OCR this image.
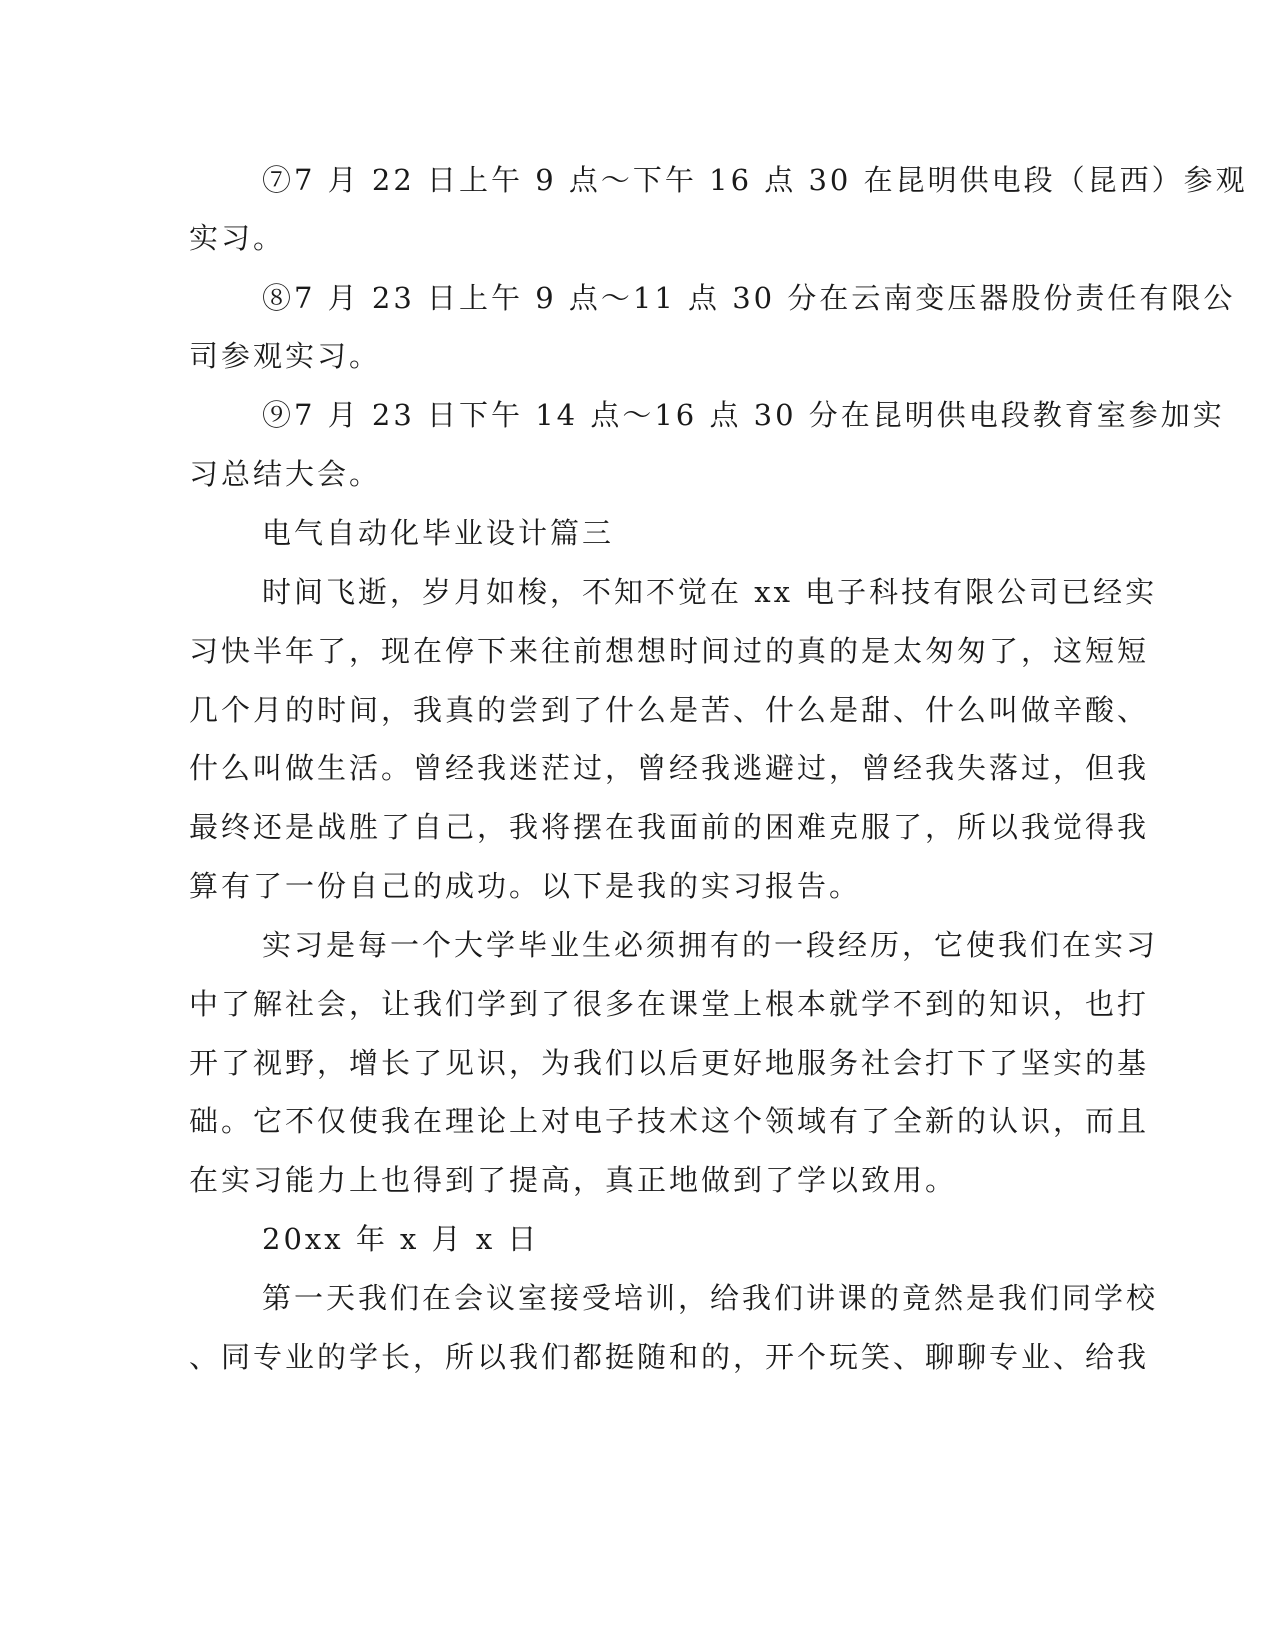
⑦7 月 22 日上午 9 点～下午 16 点 30 在昆明供电段（昆西）参观
实习。
⑧7 月 23 日上午 9 点～11 点 30 分在云南变压器股份责任有限公
司参观实习。
⑨7 月 23 日下午 14 点～16 点 30 分在昆明供电段教育室参加实
习总结大会。
电气自动化毕业设计篇三
时间飞逝，岁月如梭，不知不觉在 xx 电子科技有限公司已经实
习快半年了，现在停下来往前想想时间过的真的是太匆匆了，这短短
几个月的时间，我真的尝到了什么是苦、什么是甜、什么叫做辛酸、
什么叫做生活。曾经我迷茫过，曾经我逃避过，曾经我失落过，但我
最终还是战胜了自己，我将摆在我面前的困难克服了，所以我觉得我
算有了一份自己的成功。以下是我的实习报告。
实习是每一个大学毕业生必须拥有的一段经历，它使我们在实习
中了解社会，让我们学到了很多在课堂上根本就学不到的知识，也打
开了视野，增长了见识，为我们以后更好地服务社会打下了坚实的基
础。它不仅使我在理论上对电子技术这个领域有了全新的认识，而且
在实习能力上也得到了提高，真正地做到了学以致用。
20xx 年 x 月 x 日
第一天我们在会议室接受培训，给我们讲课的竟然是我们同学校
、同专业的学长，所以我们都挺随和的，开个玩笑、聊聊专业、给我
